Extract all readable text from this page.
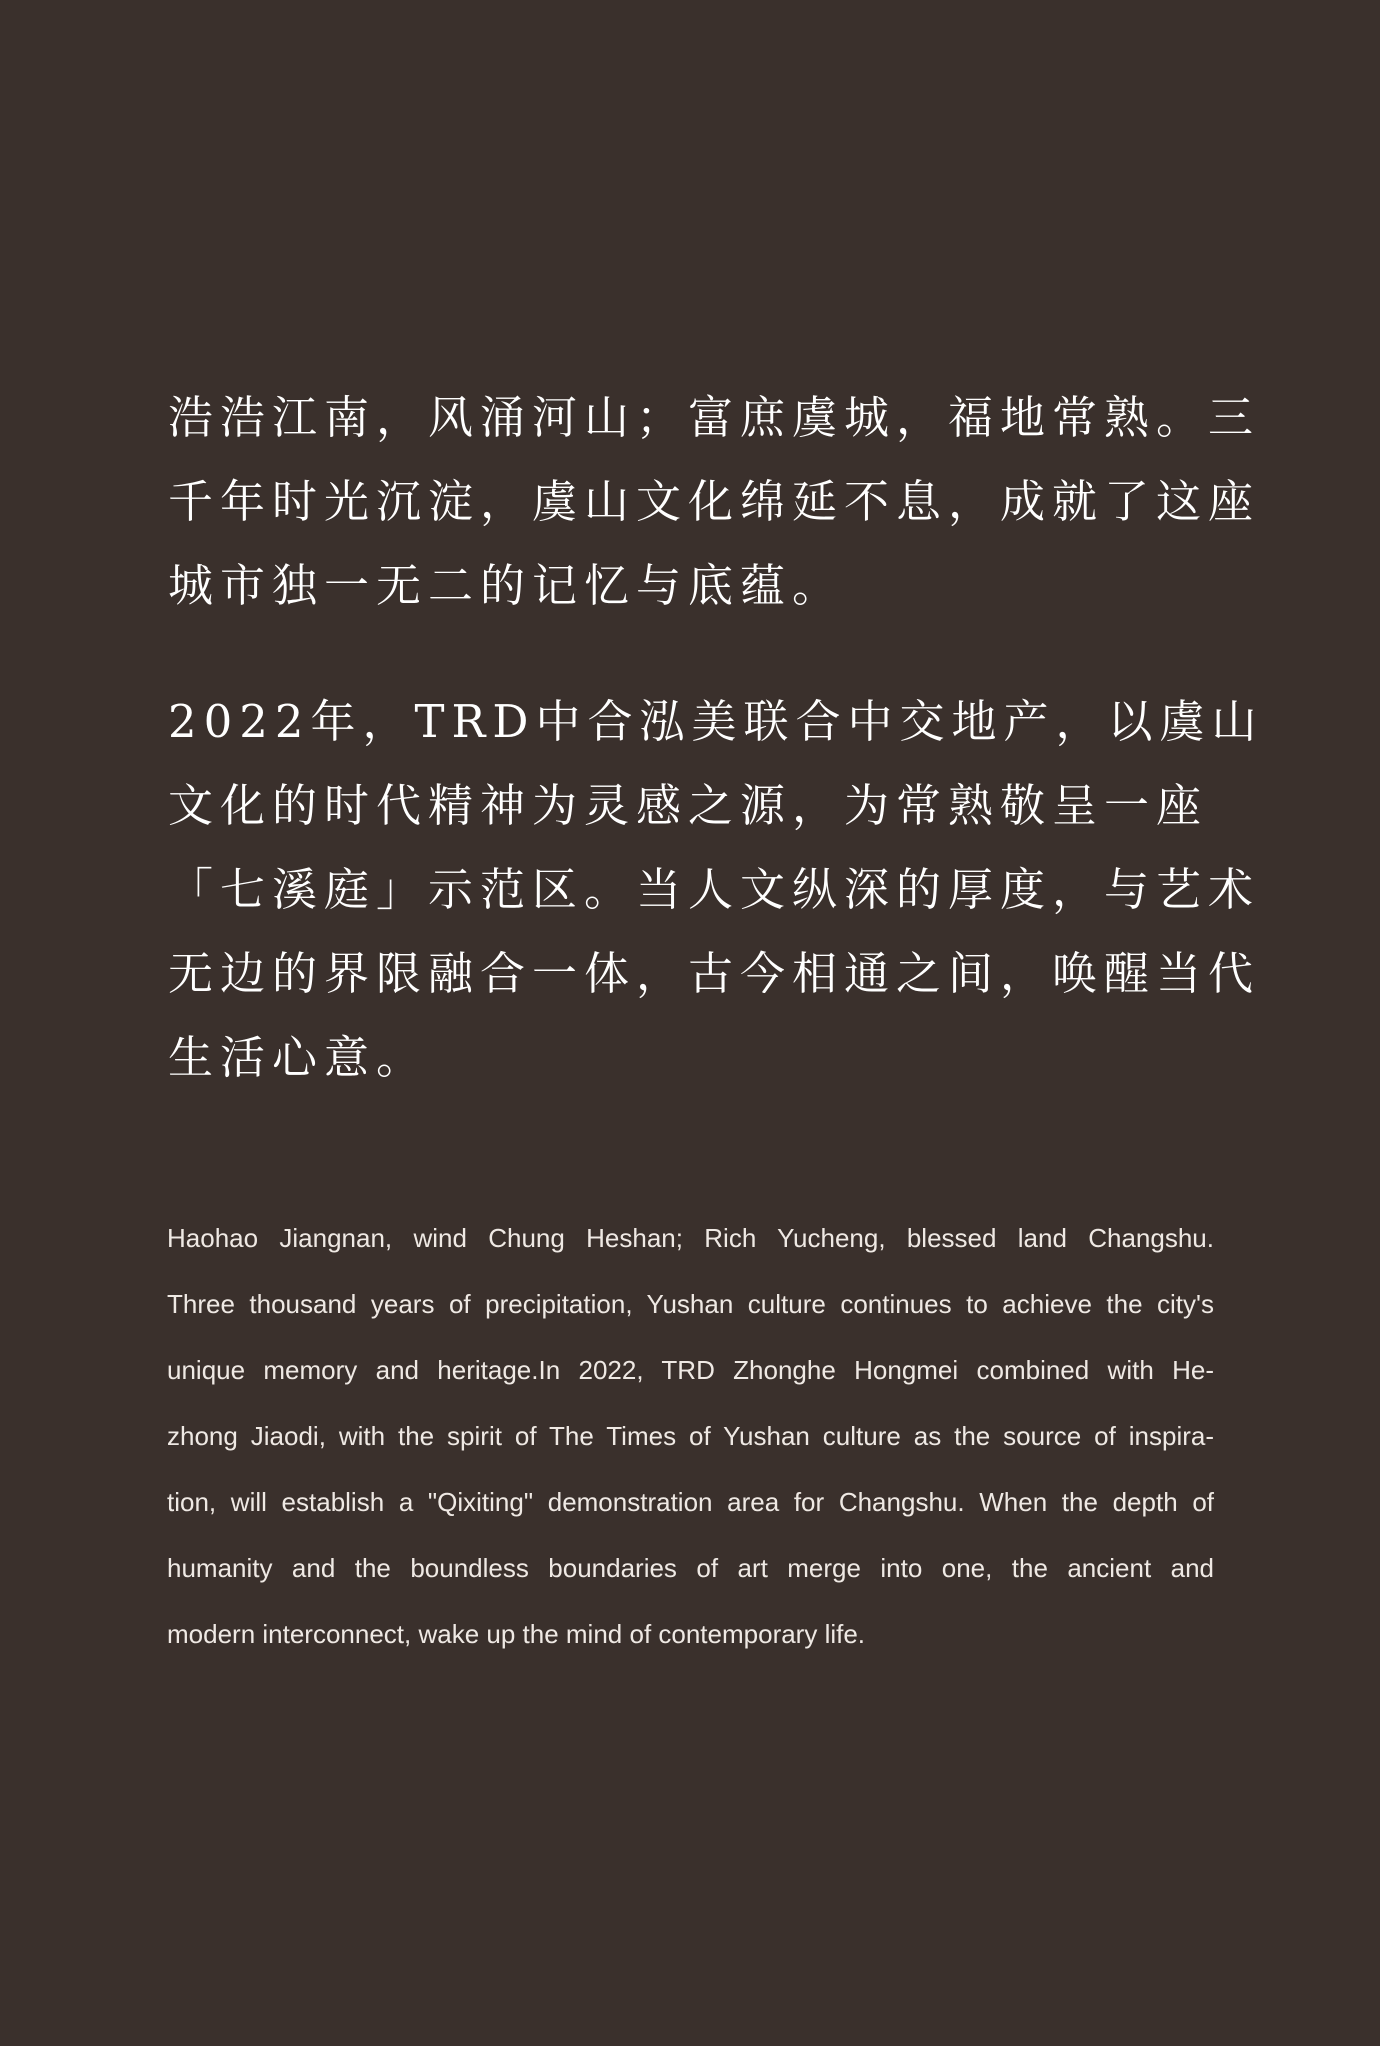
浩浩江南，风涌河山；富庶虞城，福地常熟。三
千年时光沉淀，虞山文化绵延不息，成就了这座
城市独一无二的记忆与底蕴。
2022年，TRD中合泓美联合中交地产，以虞山
文化的时代精神为灵感之源，为常熟敬呈一座
「七溪庭」示范区。当人文纵深的厚度，与艺术
无边的界限融合一体，古今相通之间，唤醒当代
生活心意。
Haohao Jiangnan, wind Chung Heshan; Rich Yucheng, blessed land Changshu.
Three thousand years of precipitation, Yushan culture continues to achieve the city's
unique memory and heritage.In 2022, TRD Zhonghe Hongmei combined with He-
zhong Jiaodi, with the spirit of The Times of Yushan culture as the source of inspira-
tion, will establish a "Qixiting" demonstration area for Changshu. When the depth of
humanity and the boundless boundaries of art merge into one, the ancient and
modern interconnect, wake up the mind of contemporary life.
